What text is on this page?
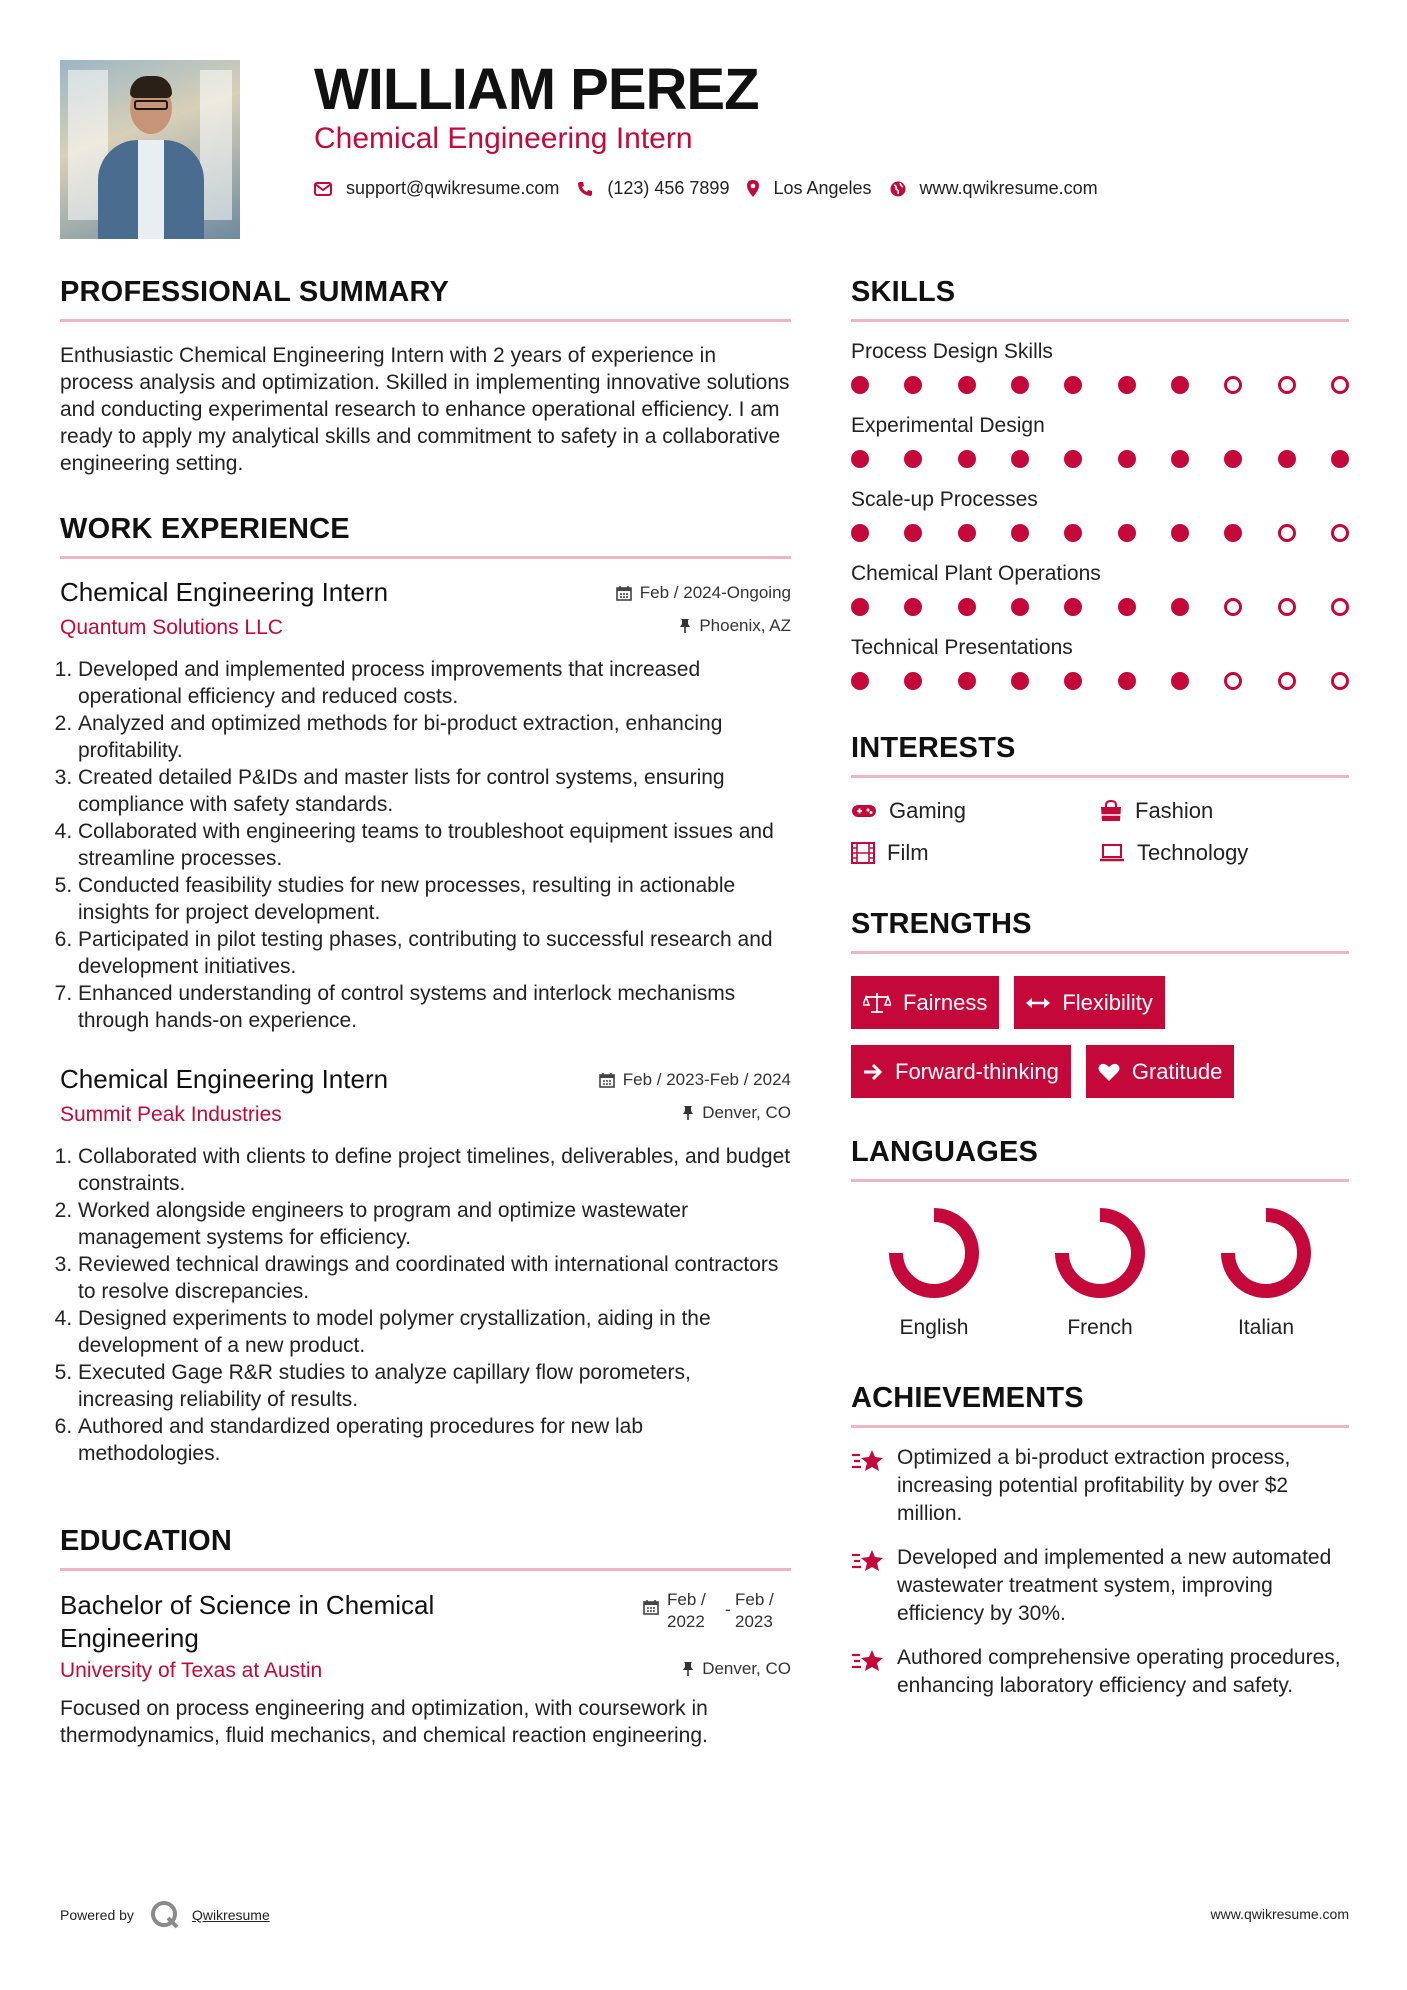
WILLIAM PEREZ
Chemical Engineering Intern
support@qwikresume.com	(123) 456 7899 Los Angeles	www.qwikresume.com
PROFESSIONAL SUMMARY
Enthusiastic Chemical Engineering Intern with 2 years of experience in process analysis and optimization. Skilled in implementing innovative solutions and conducting experimental research to enhance operational efficiency. I am ready to apply my analytical skills and commitment to safety in a collaborative engineering setting.
WORK EXPERIENCE
Chemical Engineering Intern	Feb / 2024-Ongoing
Quantum Solutions LLC	Phoenix, AZ
1. Developed and implemented process improvements that increased operational efficiency and reduced costs.
2. Analyzed and optimized methods for bi-product extraction, enhancing profitability.
3. Created detailed P&IDs and master lists for control systems, ensuring compliance with safety standards.
4. Collaborated with engineering teams to troubleshoot equipment issues and streamline processes.
5. Conducted feasibility studies for new processes, resulting in actionable insights for project development.
6. Participated in pilot testing phases, contributing to successful research and development initiatives.
7. Enhanced understanding of control systems and interlock mechanisms through hands-on experience.
Chemical Engineering Intern	Feb / 2023-Feb / 2024
Summit Peak Industries	Denver, CO
1. Collaborated with clients to define project timelines, deliverables, and budget constraints.
2. Worked alongside engineers to program and optimize wastewater management systems for efficiency.
3. Reviewed technical drawings and coordinated with international contractors to resolve discrepancies.
4. Designed experiments to model polymer crystallization, aiding in the development of a new product.
5. Executed Gage R&R studies to analyze capillary flow porometers, increasing reliability of results.
6. Authored and standardized operating procedures for new lab methodologies.
EDUCATION
Bachelor of Science in Chemical Engineering
Feb / 2022
-
Feb / 2023
University of Texas at Austin	Denver, CO
Focused on process engineering and optimization, with coursework in thermodynamics, fluid mechanics, and chemical reaction engineering.
SKILLS
Process Design Skills
Experimental Design
Scale-up Processes
Chemical Plant Operations
Technical Presentations
INTERESTS
Gaming	Fashion
Film	Technology
STRENGTHS
Fairness	Flexibility
Forward-thinking	Gratitude
LANGUAGES
English	French	Italian
ACHIEVEMENTS
Optimized a bi-product extraction process, increasing potential profitability by over $2 million.
Developed and implemented a new automated wastewater treatment system, improving efficiency by 30%.
Authored comprehensive operating procedures, enhancing laboratory efficiency and safety.
Powered by	Qwikresume	www.qwikresume.com
